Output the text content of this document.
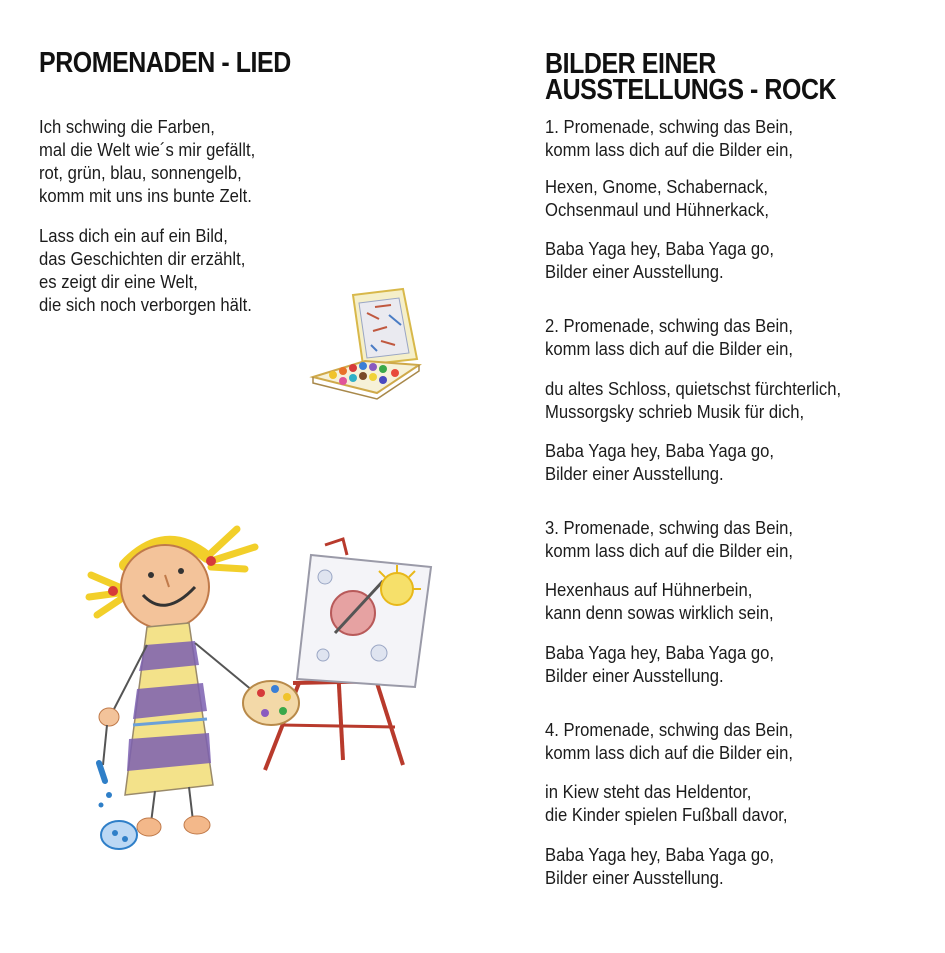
PROMENADEN - LIED

Ich schwing die Farben,
mal die Welt wie´s mir gefällt,
rot, grün, blau, sonnengelb,
komm mit uns ins bunte Zelt.

Lass dich ein auf ein Bild,
das Geschichten dir erzählt,
es zeigt dir eine Welt,
die sich noch verborgen hält.

BILDER EINER
AUSSTELLUNGS - ROCK

1. Promenade, schwing das Bein,
komm lass dich auf die Bilder ein,

Hexen, Gnome, Schabernack,
Ochsenmaul und Hühnerkack,

Baba Yaga hey, Baba Yaga go,
Bilder einer Ausstellung.

2. Promenade, schwing das Bein,
komm lass dich auf die Bilder ein,

du altes Schloss, quietschst fürchterlich,
Mussorgsky schrieb Musik für dich,

Baba Yaga hey, Baba Yaga go,
Bilder einer Ausstellung.

3. Promenade, schwing das Bein,
komm lass dich auf die Bilder ein,

Hexenhaus auf Hühnerbein,
kann denn sowas wirklich sein,

Baba Yaga hey, Baba Yaga go,
Bilder einer Ausstellung.

4. Promenade, schwing das Bein,
komm lass dich auf die Bilder ein,

in Kiew steht das Heldentor,
die Kinder spielen Fußball davor,

Baba Yaga hey, Baba Yaga go,
Bilder einer Ausstellung.
